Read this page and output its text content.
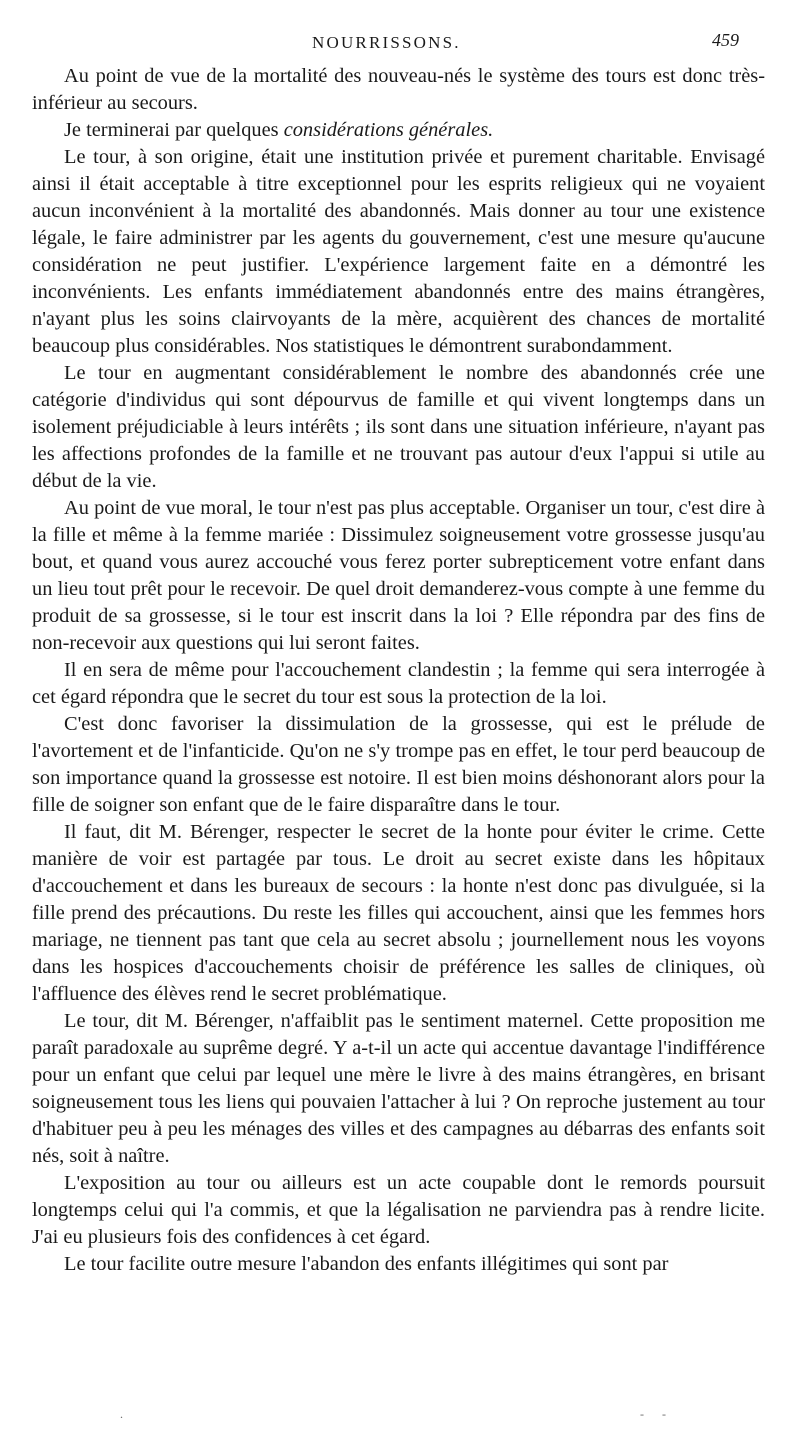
NOURRISSONS.	459

Au point de vue de la mortalité des nouveau-nés le système des tours est donc très-inférieur au secours.

Je terminerai par quelques considérations générales.

Le tour, à son origine, était une institution privée et purement charitable. Envisagé ainsi il était acceptable à titre exceptionnel pour les esprits religieux qui ne voyaient aucun inconvénient à la mortalité des abandonnés. Mais donner au tour une existence légale, le faire administrer par les agents du gouvernement, c'est une mesure qu'aucune considération ne peut justifier. L'expérience largement faite en a démontré les inconvénients. Les enfants immédiatement abandonnés entre des mains étrangères, n'ayant plus les soins clairvoyants de la mère, acquièrent des chances de mortalité beaucoup plus considérables. Nos statistiques le démontrent surabondamment.

Le tour en augmentant considérablement le nombre des abandonnés crée une catégorie d'individus qui sont dépourvus de famille et qui vivent longtemps dans un isolement préjudiciable à leurs intérêts ; ils sont dans une situation inférieure, n'ayant pas les affections profondes de la famille et ne trouvant pas autour d'eux l'appui si utile au début de la vie.

Au point de vue moral, le tour n'est pas plus acceptable. Organiser un tour, c'est dire à la fille et même à la femme mariée : Dissimulez soigneusement votre grossesse jusqu'au bout, et quand vous aurez accouché vous ferez porter subrepticement votre enfant dans un lieu tout prêt pour le recevoir. De quel droit demanderez-vous compte à une femme du produit de sa grossesse, si le tour est inscrit dans la loi ? Elle répondra par des fins de non-recevoir aux questions qui lui seront faites.

Il en sera de même pour l'accouchement clandestin ; la femme qui sera interrogée à cet égard répondra que le secret du tour est sous la protection de la loi.

C'est donc favoriser la dissimulation de la grossesse, qui est le prélude de l'avortement et de l'infanticide. Qu'on ne s'y trompe pas en effet, le tour perd beaucoup de son importance quand la grossesse est notoire. Il est bien moins déshonorant alors pour la fille de soigner son enfant que de le faire disparaître dans le tour.

Il faut, dit M. Bérenger, respecter le secret de la honte pour éviter le crime. Cette manière de voir est partagée par tous. Le droit au secret existe dans les hôpitaux d'accouchement et dans les bureaux de secours : la honte n'est donc pas divulguée, si la fille prend des précautions. Du reste les filles qui accouchent, ainsi que les femmes hors mariage, ne tiennent pas tant que cela au secret absolu ; journellement nous les voyons dans les hospices d'accouchements choisir de préférence les salles de cliniques, où l'affluence des élèves rend le secret problématique.

Le tour, dit M. Bérenger, n'affaiblit pas le sentiment maternel. Cette proposition me paraît paradoxale au suprême degré. Y a-t-il un acte qui accentue davantage l'indifférence pour un enfant que celui par lequel une mère le livre à des mains étrangères, en brisant soigneusement tous les liens qui pouvaien l'attacher à lui ? On reproche justement au tour d'habituer peu à peu les ménages des villes et des campagnes au débarras des enfants soit nés, soit à naître.

L'exposition au tour ou ailleurs est un acte coupable dont le remords poursuit longtemps celui qui l'a commis, et que la légalisation ne parviendra pas à rendre licite. J'ai eu plusieurs fois des confidences à cet égard.

Le tour facilite outre mesure l'abandon des enfants illégitimes qui sont par

.	- -
